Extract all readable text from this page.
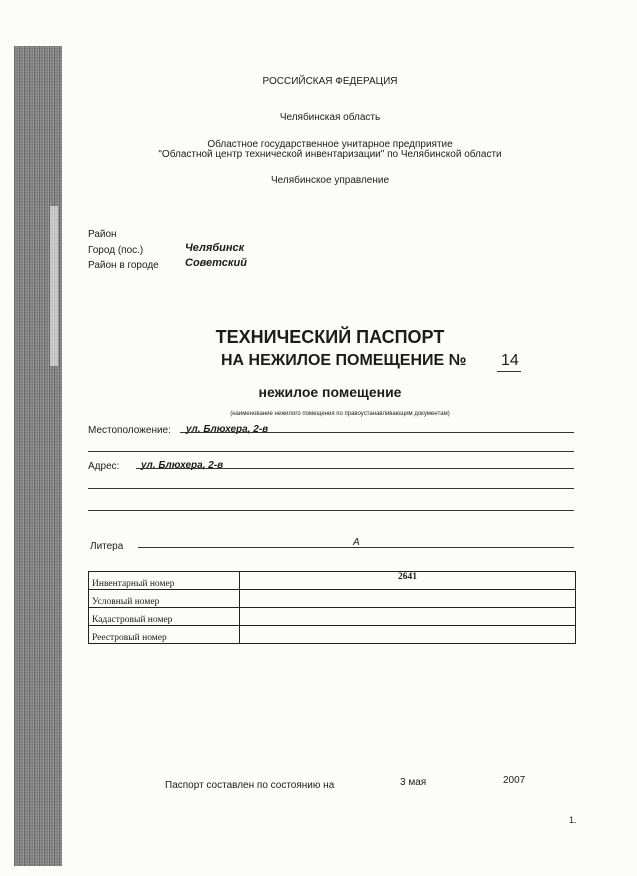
РОССИЙСКАЯ ФЕДЕРАЦИЯ
Челябинская область
Областное государственное унитарное предприятие
"Областной центр технической инвентаризации" по Челябинской области
Челябинское управление
Район
Город (пос.)	Челябинск
Район в городе Советский
ТЕХНИЧЕСКИЙ ПАСПОРТ
НА НЕЖИЛОЕ ПОМЕЩЕНИЕ № 14
нежилое помещение
(наименование нежилого помещения по правоустанавливающим документам)
Местоположение: ул. Блюхера, 2-в
Адрес: ул. Блюхера, 2-в
Литера	А
Инвентарный номер	2641
Условный номер	
Кадастровый номер	
Реестровый номер	
Паспорт составлен по состоянию на	3 мая	2007
1.
